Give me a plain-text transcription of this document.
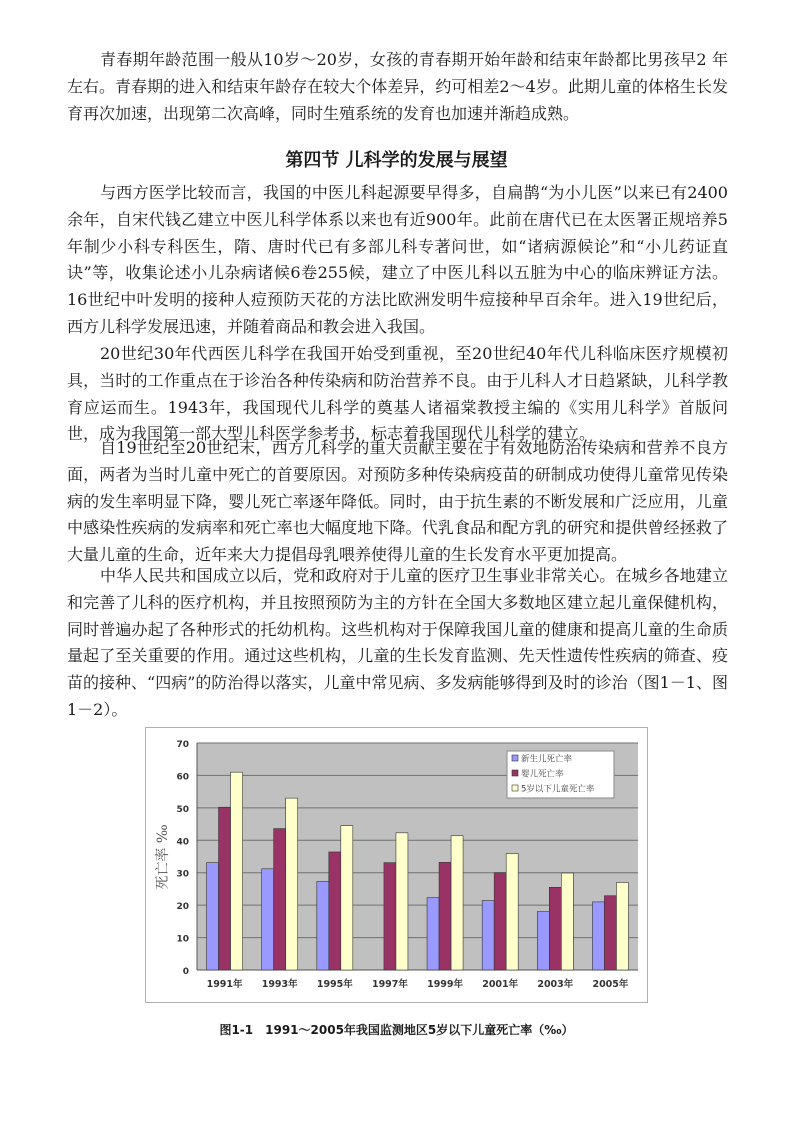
青春期年龄范围一般从10岁～20岁，女孩的青春期开始年龄和结束年龄都比男孩早2 年左右。青春期的进入和结束年龄存在较大个体差异，约可相差2～4岁。此期儿童的体格生长发育再次加速，出现第二次高峰，同时生殖系统的发育也加速并渐趋成熟。

第四节 儿科学的发展与展望

与西方医学比较而言，我国的中医儿科起源要早得多，自扁鹊“为小儿医”以来已有2400余年，自宋代钱乙建立中医儿科学体系以来也有近900年。此前在唐代已在太医署正规培养5年制少小科专科医生，隋、唐时代已有多部儿科专著问世，如“诸病源候论”和“小儿药证直诀”等，收集论述小儿杂病诸候6卷255候，建立了中医儿科以五脏为中心的临床辨证方法。16世纪中叶发明的接种人痘预防天花的方法比欧洲发明牛痘接种早百余年。进入19世纪后，西方儿科学发展迅速，并随着商品和教会进入我国。

20世纪30年代西医儿科学在我国开始受到重视，至20世纪40年代儿科临床医疗规模初具，当时的工作重点在于诊治各种传染病和防治营养不良。由于儿科人才日趋紧缺，儿科学教育应运而生。1943年，我国现代儿科学的奠基人诸福棠教授主编的《实用儿科学》首版问世，成为我国第一部大型儿科医学参考书，标志着我国现代儿科学的建立。

自19世纪至20世纪末，西方儿科学的重大贡献主要在于有效地防治传染病和营养不良方面，两者为当时儿童中死亡的首要原因。对预防多种传染病疫苗的研制成功使得儿童常见传染病的发生率明显下降，婴儿死亡率逐年降低。同时，由于抗生素的不断发展和广泛应用，儿童中感染性疾病的发病率和死亡率也大幅度地下降。代乳食品和配方乳的研究和提供曾经拯救了大量儿童的生命，近年来大力提倡母乳喂养使得儿童的生长发育水平更加提高。

中华人民共和国成立以后，党和政府对于儿童的医疗卫生事业非常关心。在城乡各地建立和完善了儿科的医疗机构，并且按照预防为主的方针在全国大多数地区建立起儿童保健机构，同时普遍办起了各种形式的托幼机构。这些机构对于保障我国儿童的健康和提高儿童的生命质量起了至关重要的作用。通过这些机构，儿童的生长发育监测、先天性遗传性疾病的筛查、疫苗的接种、“四病”的防治得以落实，儿童中常见病、多发病能够得到及时的诊治（图1－1、图1－2）。

0
10
20
30
40
50
60
70
1991年 1993年 1995年 1997年 1999年 2001年 2003年 2005年
死亡率 ‰
新生儿死亡率
婴儿死亡率
5岁以下儿童死亡率
图1-1　1991～2005年我国监测地区5岁以下儿童死亡率（‰）
